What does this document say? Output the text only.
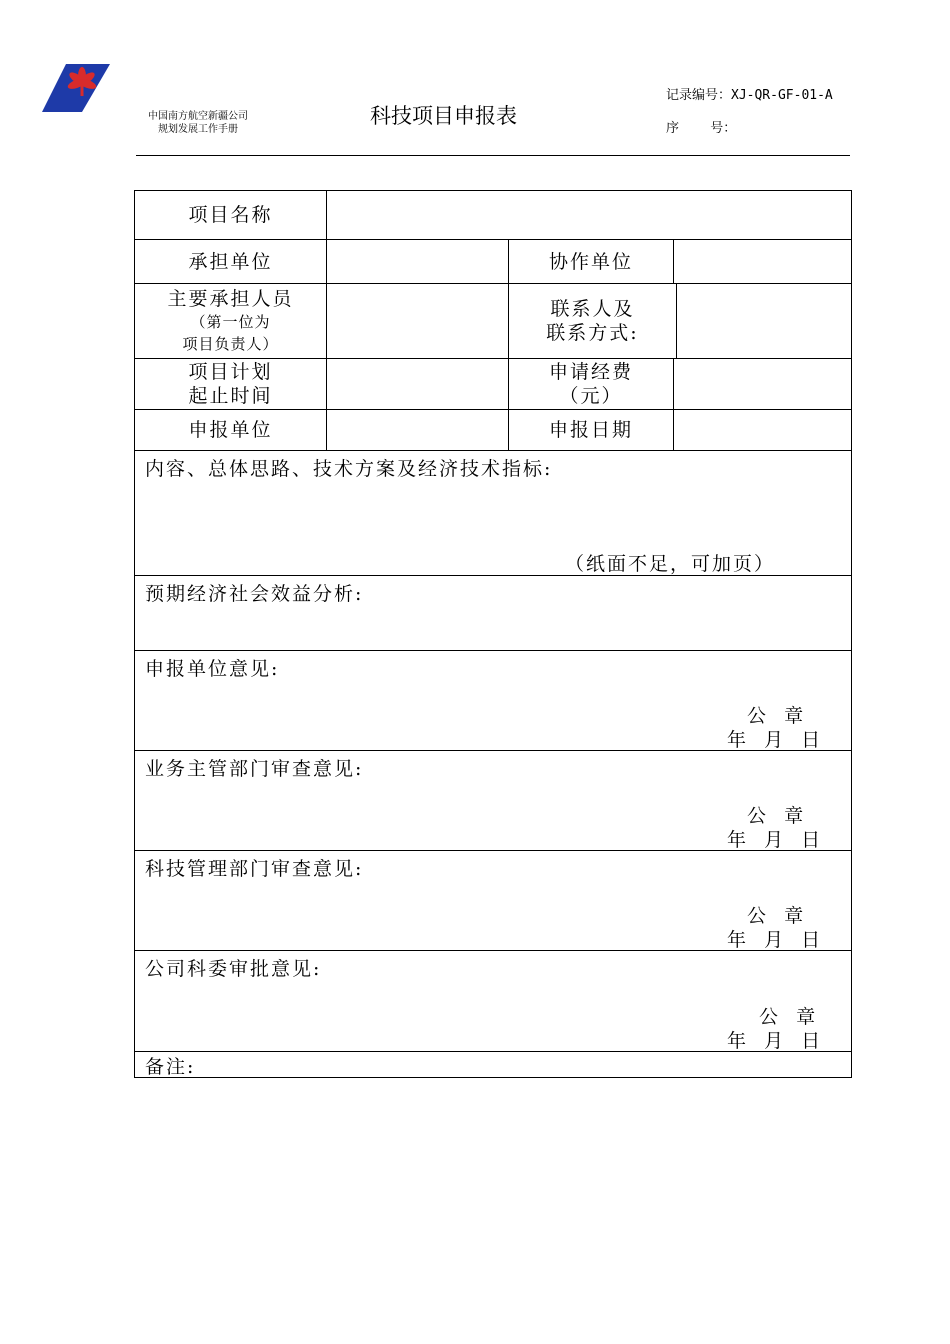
中国南方航空新疆公司
规划发展工作手册
科技项目申报表
记录编号：XJ-QR-GF-01-A
序    号：
项目名称
承担单位	协作单位
主要承担人员
（第一位为
项目负责人）
联系人及
联系方式:
项目计划
起止时间
申请经费
（元）
申报单位	申报日期
内容、总体思路、技术方案及经济技术指标:
（纸面不足，可加页）
预期经济社会效益分析:
申报单位意见:
公  章
年  月  日
业务主管部门审查意见:
公  章
年  月  日
科技管理部门审查意见:
公  章
年  月  日
公司科委审批意见:
公  章
年  月  日
备注:
